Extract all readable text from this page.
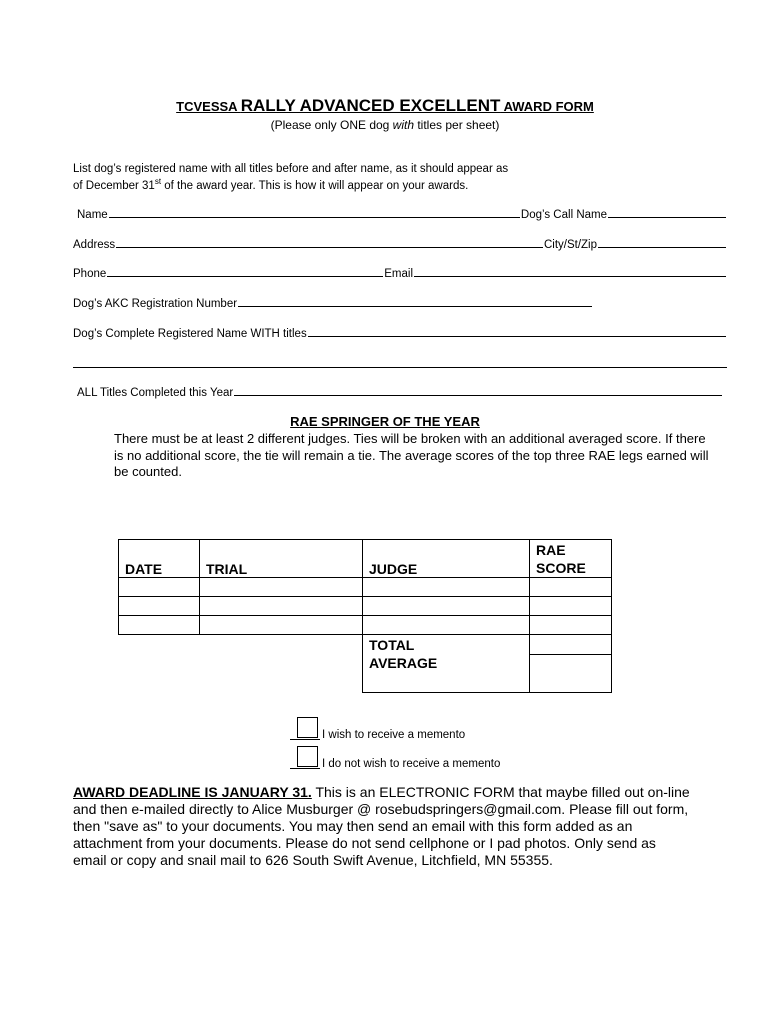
TCVESSA RALLY ADVANCED EXCELLENT AWARD FORM
(Please only ONE dog with titles per sheet)
List dog’s registered name with all titles before and after name, as it should appear as
of December 31st of the award year. This is how it will appear on your awards.
Name	Dog’s Call Name
Address	City/St/Zip
Phone	Email
Dog’s AKC Registration Number
Dog’s Complete Registered Name WITH titles
ALL Titles Completed this Year
RAE SPRINGER OF THE YEAR
There must be at least 2 different judges. Ties will be broken with an additional averaged score. If there is no additional score, the tie will remain a tie. The average scores of the top three RAE legs earned will be counted.
DATE	TRIAL	JUDGE	RAE
SCORE

		TOTAL	
		AVERAGE	
I wish to receive a memento
I do not wish to receive a memento
AWARD DEADLINE IS JANUARY 31. This is an ELECTRONIC FORM that maybe filled out on-line and then e-mailed directly to Alice Musburger @ rosebudspringers@gmail.com. Please fill out form, then "save as" to your documents. You may then send an email with this form added as an attachment from your documents. Please do not send cellphone or I pad photos. Only send as email or copy and snail mail to 626 South Swift Avenue, Litchfield, MN 55355.
